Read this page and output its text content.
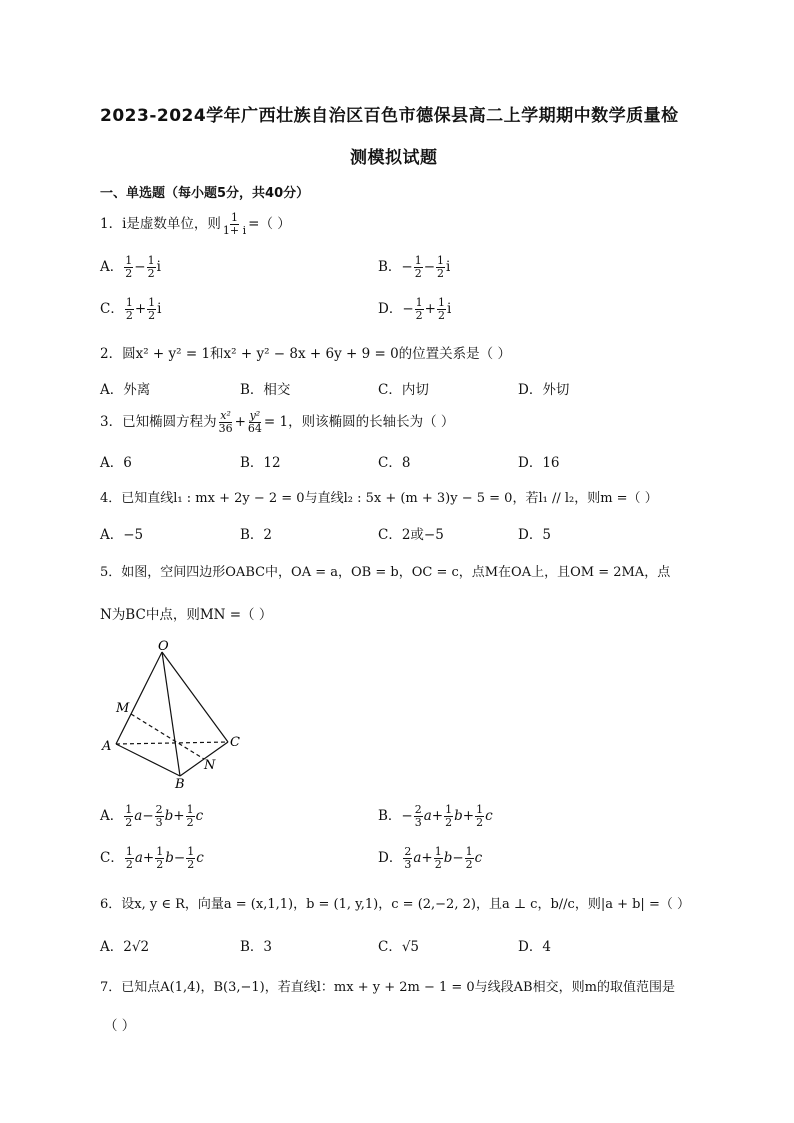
2023-2024学年广西壮族自治区百色市德保县高二上学期期中数学质量检
测模拟试题
一、单选题（每小题5分，共40分）
1．i是虚数单位，则 $\frac{1}{1+ i}$ =（ ）
A． $\frac{1}{2} - \frac{1}{2}$ i	B．− $\frac{1}{2} - \frac{1}{2}$ i
C． $\frac{1}{2} + \frac{1}{2}$ i	D．− $\frac{1}{2} + \frac{1}{2}$ i
2．圆x² + y² = 1和x² + y² − 8x + 6y + 9 = 0的位置关系是（ ）
A．外离	B．相交	C．内切	D．外切
3．已知椭圆方程为 $\frac{\text{x²}}{36} + \frac{\text{y²}}{64} = 1$，则该椭圆的长轴长为（ ）
A．6	B．12	C．8	D．16
4．已知直线l₁ : mx + 2y − 2 = 0与直线l₂ : 5x + (m + 3)y − 5 = 0，若l₁ // l₂，则m =（ ）
A．−5	B．2	C．2或−5	D．5
5．如图，空间四边形OABC中，OA = a，OB = b，OC = c，点M在OA上，且OM = 2MA，点
N为BC中点，则MN =（ ）
O
M
A
B
C
N
A． $\frac{1}{2} a- \frac{2}{3} b+ \frac{1}{2}$ c	B．− $\frac{2}{3} a+ \frac{1}{2} b+ \frac{1}{2}$ c
C． $\frac{1}{2} a+ \frac{1}{2} b- \frac{1}{2}$ c	D． $\frac{2}{3} a+ \frac{1}{2} b- \frac{1}{2}$ c
6．设x, y ∈ R，向量a = (x,1,1)，b = (1, y,1)，c = (2,−2, 2)，且a ⊥ c，b//c，则|a + b| =（ ）
A．2√2	B．3	C．√5	D．4
7．已知点A(1,4)，B(3,−1)，若直线l：mx + y + 2m − 1 = 0与线段AB相交，则m的取值范围是
（ ）
